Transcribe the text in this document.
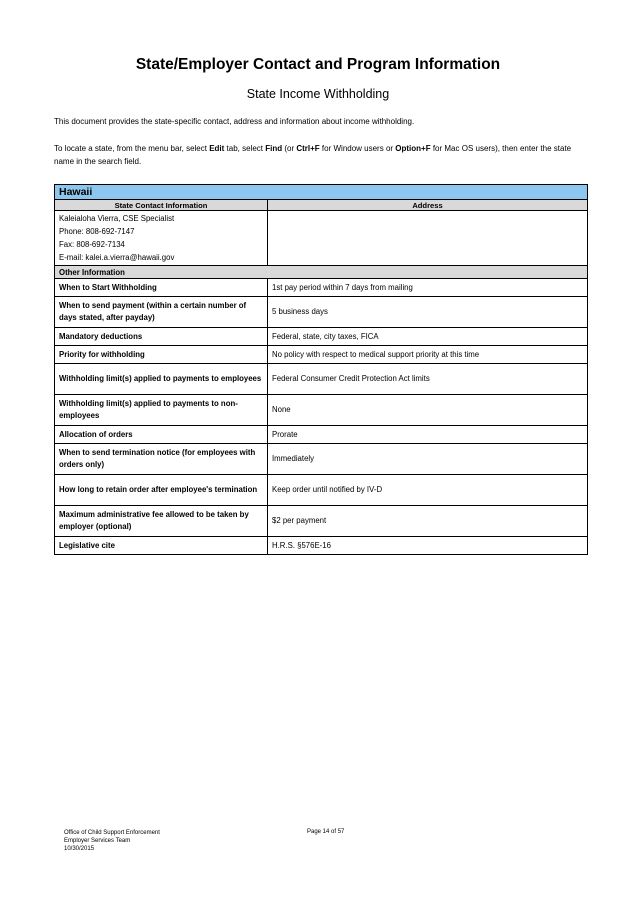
State/Employer Contact and Program Information
State Income Withholding
This document provides the state-specific contact, address and information about income withholding.
To locate a state, from the menu bar, select Edit tab, select Find (or Ctrl+F for Window users or Option+F for Mac OS users), then enter the state name in the search field.
Hawaii	
State Contact Information	Address

Kaleialoha Vierra, CSE Specialist
Phone: 808-692-7147
Fax: 808-692-7134
E-mail: kalei.a.vierra@hawaii.gov	

Other Information	
When to Start Withholding	1st pay period within 7 days from mailing
When to send payment (within a certain number of days stated, after payday)	5 business days
Mandatory deductions	Federal, state, city taxes, FICA
Priority for withholding	No policy with respect to medical support priority at this time
Withholding limit(s) applied to payments to employees	Federal Consumer Credit Protection Act limits
Withholding limit(s) applied to payments to non-employees	None
Allocation of orders	Prorate
When to send termination notice (for employees with orders only)	Immediately
How long to retain order after employee's termination	Keep order until notified by IV-D
Maximum administrative fee allowed to be taken by employer (optional)	$2 per payment
Legislative cite	H.R.S. §576E-16
Office of Child Support Enforcement
Employer Services Team
10/30/2015
Page 14 of 57
